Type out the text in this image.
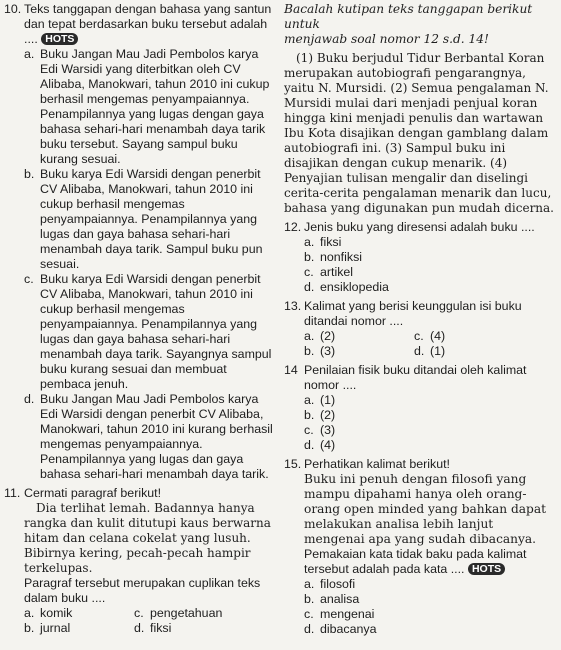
10. Teks tanggapan dengan bahasa yang santun dan tepat berdasarkan buku tersebut adalah .... HOTS

a. Buku Jangan Mau Jadi Pembolos karya Edi Warsidi yang diterbitkan oleh CV Alibaba, Manokwari, tahun 2010 ini cukup berhasil mengemas penyampaiannya. Penampilannya yang lugas dengan gaya bahasa sehari-hari menambah daya tarik buku tersebut. Sayang sampul buku kurang sesuai.
b. Buku karya Edi Warsidi dengan penerbit CV Alibaba, Manokwari, tahun 2010 ini cukup berhasil mengemas penyampaiannya. Penampilannya yang lugas dan gaya bahasa sehari-hari menambah daya tarik. Sampul buku pun sesuai.
c. Buku karya Edi Warsidi dengan penerbit CV Alibaba, Manokwari, tahun 2010 ini cukup berhasil mengemas penyampaiannya. Penampilannya yang lugas dan gaya bahasa sehari-hari menambah daya tarik. Sayangnya sampul buku kurang sesuai dan membuat pembaca jenuh.
d. Buku Jangan Mau Jadi Pembolos karya Edi Warsidi dengan penerbit CV Alibaba, Manokwari, tahun 2010 ini kurang berhasil mengemas penyampaiannya. Penampilannya yang lugas dan gaya bahasa sehari-hari menambah daya tarik.
11. Cermati paragraf berikut!

Dia terlihat lemah. Badannya hanya rangka dan kulit ditutupi kaus berwarna hitam dan celana cokelat yang lusuh. Bibirnya kering, pecah-pecah hampir terkelupas.

Paragraf tersebut merupakan cuplikan teks dalam buku ....

a. komik	c. pengetahuan
b. jurnal	d. fiksi

Bacalah kutipan teks tanggapan berikut untuk
menjawab soal nomor 12 s.d. 14!

(1) Buku berjudul Tidur Berbantal Koran merupakan autobiografi pengarangnya, yaitu N. Mursidi. (2) Semua pengalaman N. Mursidi mulai dari menjadi penjual koran hingga kini menjadi penulis dan wartawan Ibu Kota disajikan dengan gamblang dalam autobiografi ini. (3) Sampul buku ini disajikan dengan cukup menarik. (4) Penyajian tulisan mengalir dan diselingi cerita-cerita pengalaman menarik dan lucu, bahasa yang digunakan pun mudah dicerna.

12. Jenis buku yang diresensi adalah buku ....

a. fiksi
b. nonfiksi
c. artikel
d. ensiklopedia
13. Kalimat yang berisi keunggulan isi buku ditandai nomor ....

a. (2)	c. (4)
b. (3)	d. (1)
14 Penilaian fisik buku ditandai oleh kalimat nomor ....

a. (1)
b. (2)
c. (3)
d. (4)
15. Perhatikan kalimat berikut!

Buku ini penuh dengan filosofi yang mampu dipahami hanya oleh orang-orang open minded yang bahkan dapat melakukan analisa lebih lanjut mengenai apa yang sudah dibacanya.

Pemakaian kata tidak baku pada kalimat tersebut adalah pada kata .... HOTS

a. filosofi
b. analisa
c. mengenai
d. dibacanya
